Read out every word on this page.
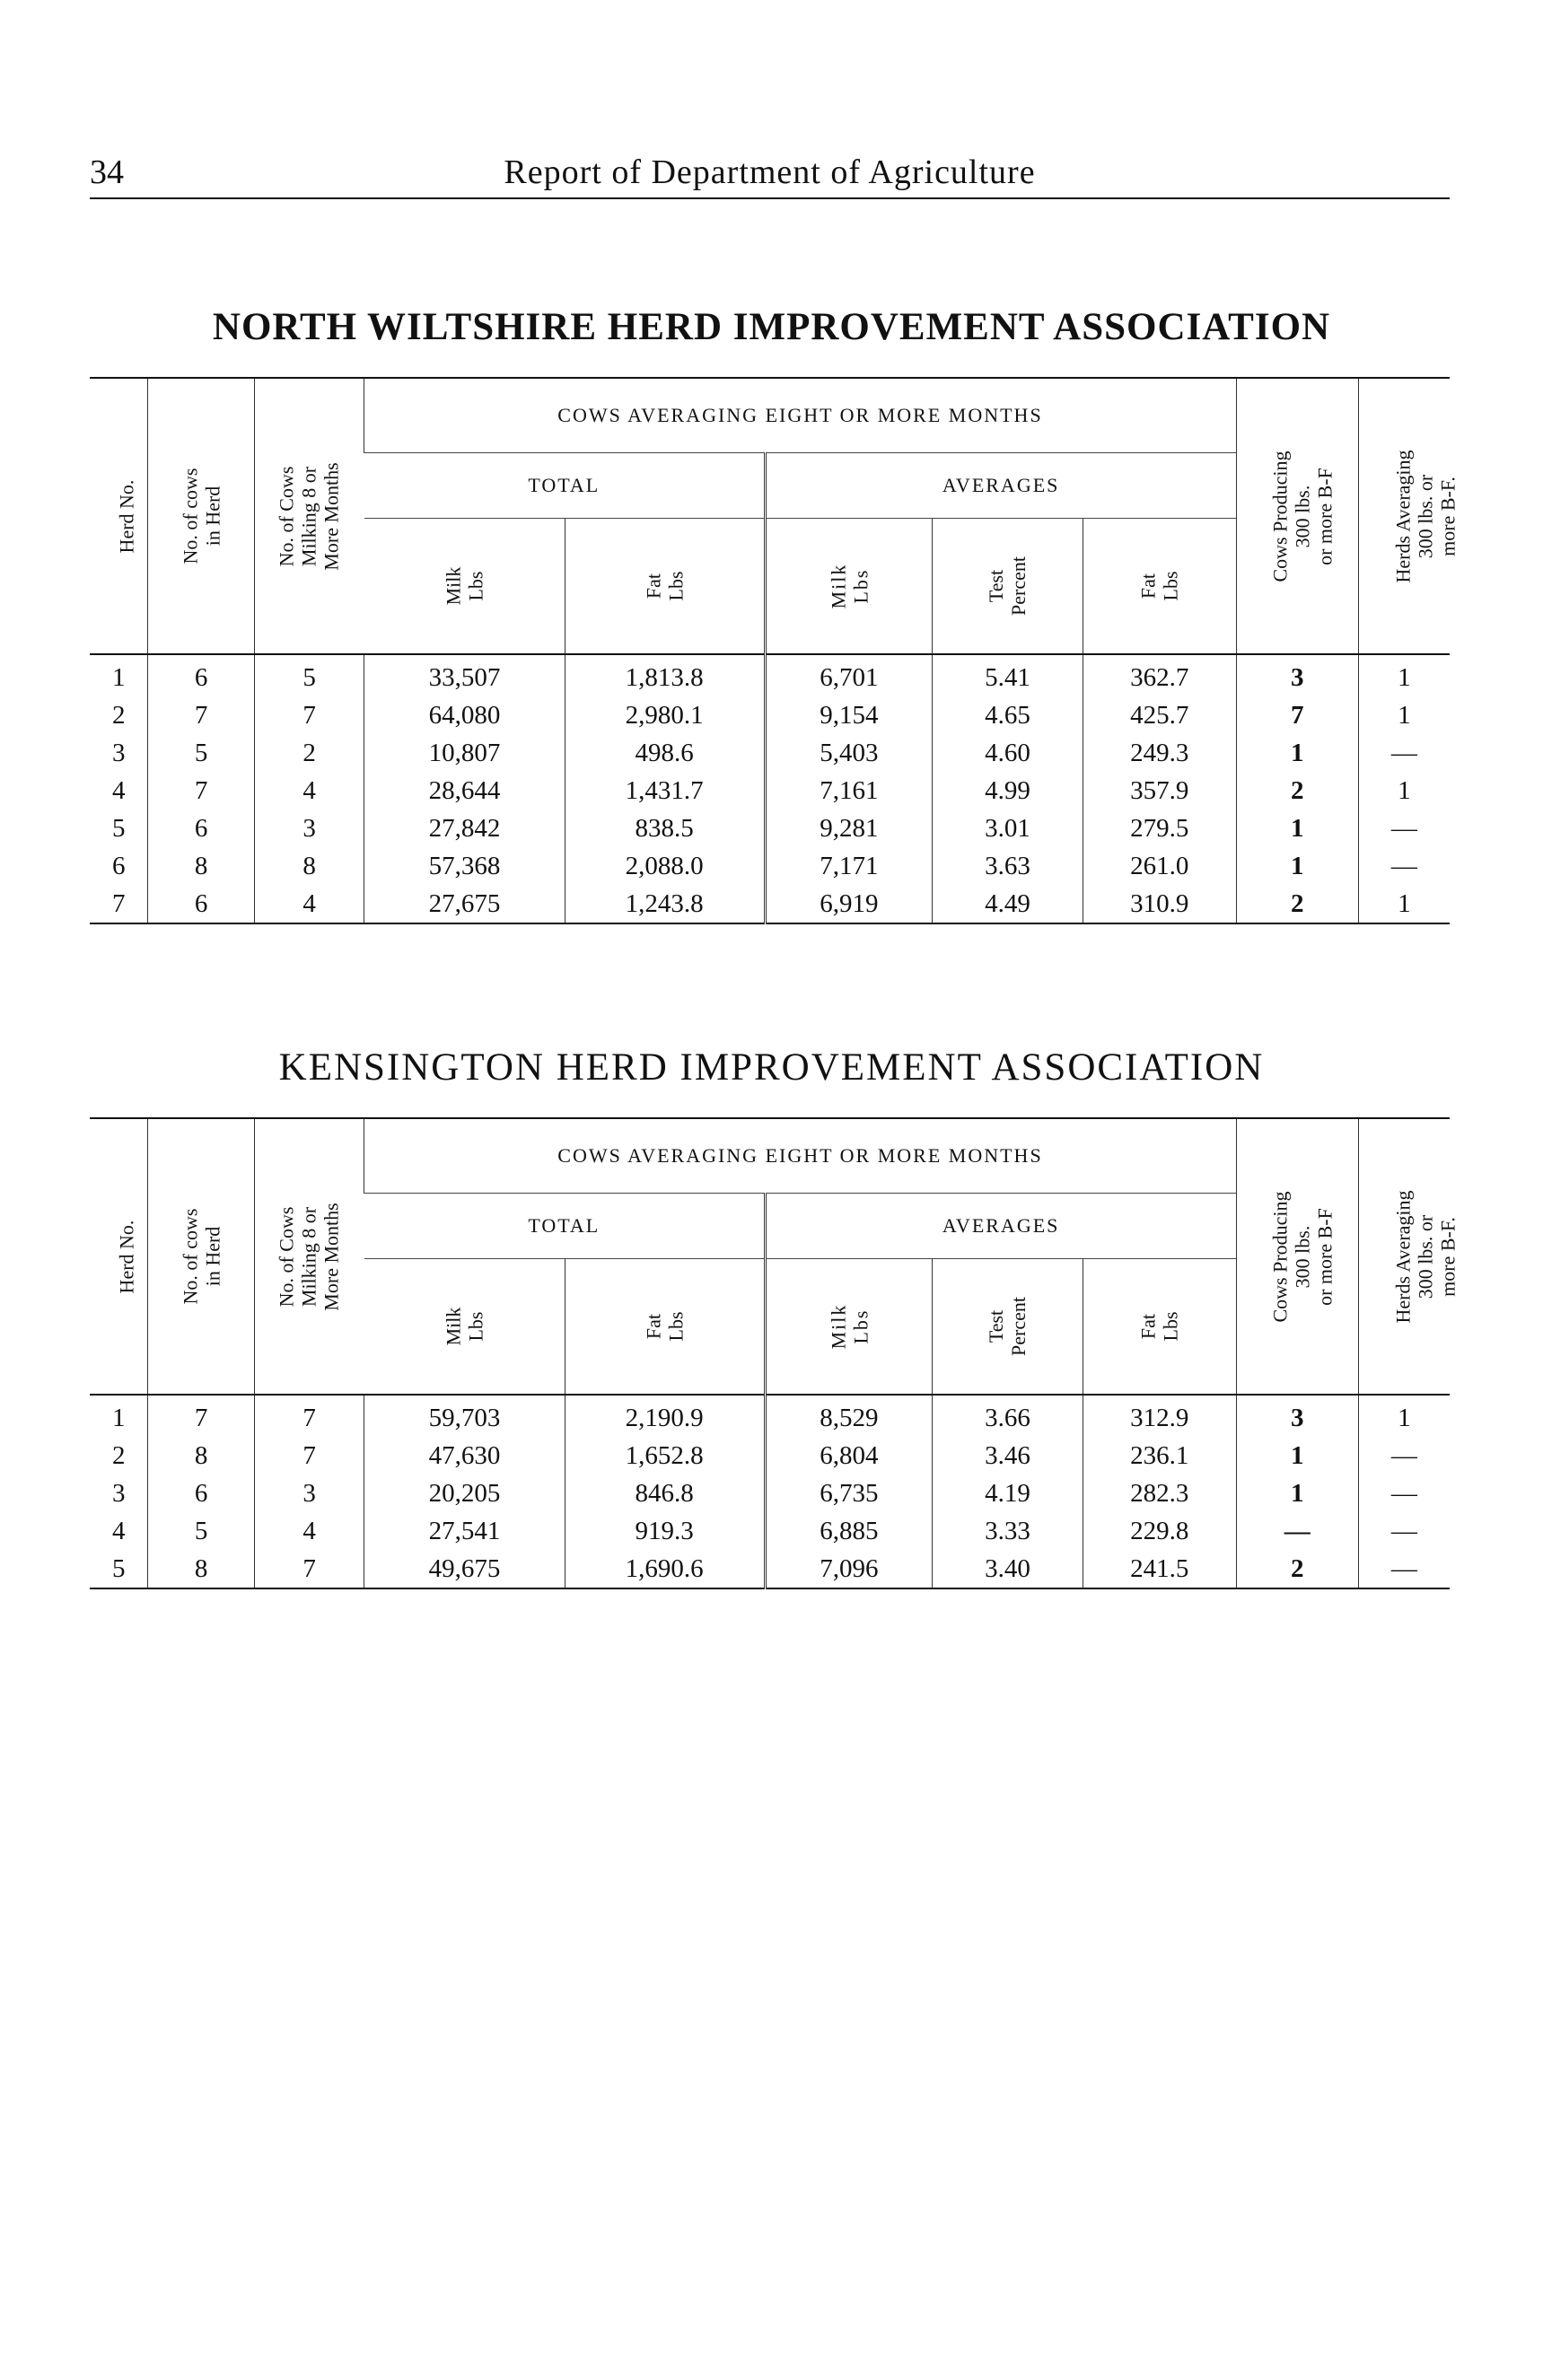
34	Report of Department of Agriculture
NORTH WILTSHIRE HERD IMPROVEMENT ASSOCIATION
Herd No.	No. of cows in Herd	No. of Cows Milking 8 or More Months	COWS AVERAGING EIGHT OR MORE MONTHS					Cows Producing 300 lbs. or more B-F	Herds Averaging 300 lbs. or more B-F.

			TOTAL		AVERAGES				

			Milk Lbs	Fat Lbs	Milk Lbs	Test Percent	Fat Lbs		

1	6	5	33,507	1,813.8	6,701	5.41	362.7	3	1
2	7	7	64,080	2,980.1	9,154	4.65	425.7	7	1
3	5	2	10,807	498.6	5,403	4.60	249.3	1	—
4	7	4	28,644	1,431.7	7,161	4.99	357.9	2	1
5	6	3	27,842	838.5	9,281	3.01	279.5	1	—
6	8	8	57,368	2,088.0	7,171	3.63	261.0	1	—
7	6	4	27,675	1,243.8	6,919	4.49	310.9	2	1
KENSINGTON HERD IMPROVEMENT ASSOCIATION
Herd No.	No. of cows in Herd	No. of Cows Milking 8 or More Months	COWS AVERAGING EIGHT OR MORE MONTHS					Cows Producing 300 lbs. or more B-F	Herds Averaging 300 lbs. or more B-F.

			TOTAL		AVERAGES				

			Milk Lbs	Fat Lbs	Milk Lbs	Test Percent	Fat Lbs		

1	7	7	59,703	2,190.9	8,529	3.66	312.9	3	1
2	8	7	47,630	1,652.8	6,804	3.46	236.1	1	—
3	6	3	20,205	846.8	6,735	4.19	282.3	1	—
4	5	4	27,541	919.3	6,885	3.33	229.8	—	—
5	8	7	49,675	1,690.6	7,096	3.40	241.5	2	—
